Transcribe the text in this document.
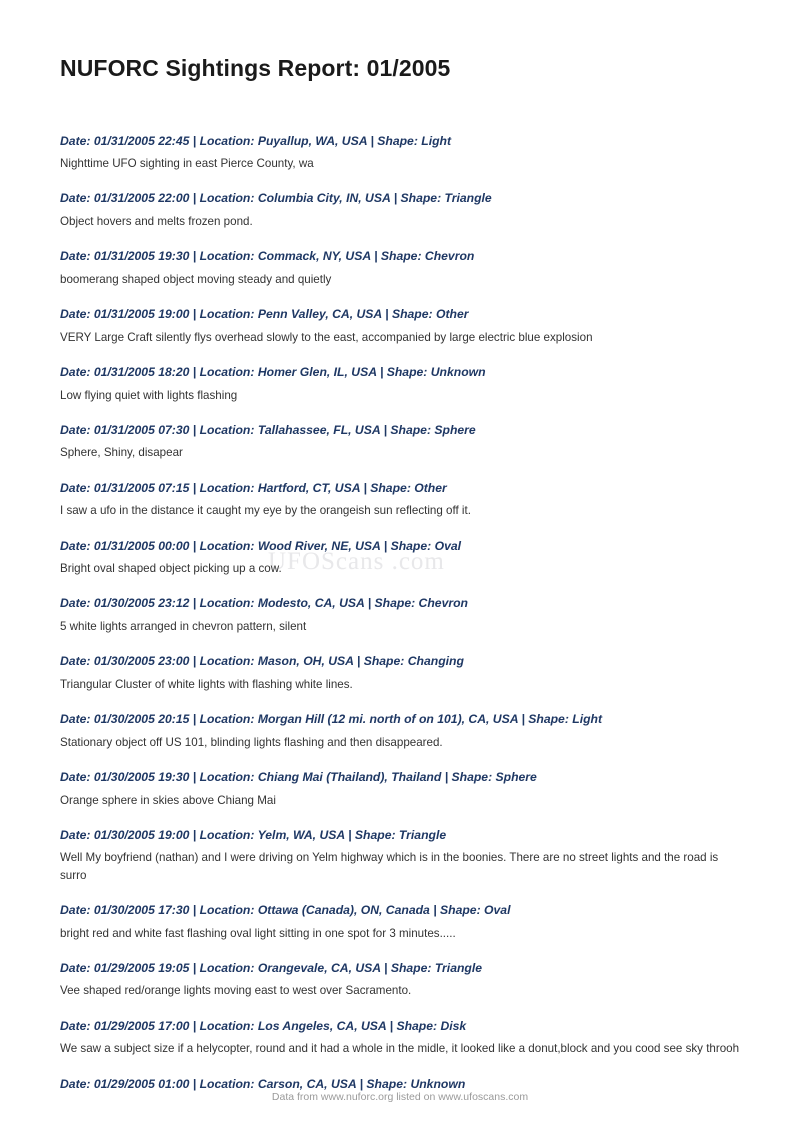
NUFORC Sightings Report: 01/2005
UFOScans .com
Date: 01/31/2005 22:45 | Location: Puyallup, WA, USA | Shape: Light
Nighttime UFO sighting in east Pierce County, wa
Date: 01/31/2005 22:00 | Location: Columbia City, IN, USA | Shape: Triangle
Object hovers and melts frozen pond.
Date: 01/31/2005 19:30 | Location: Commack, NY, USA | Shape: Chevron
boomerang shaped object moving steady and quietly
Date: 01/31/2005 19:00 | Location: Penn Valley, CA, USA | Shape: Other
VERY Large Craft silently flys overhead slowly to the east, accompanied by large electric blue explosion
Date: 01/31/2005 18:20 | Location: Homer Glen, IL, USA | Shape: Unknown
Low flying quiet with lights flashing
Date: 01/31/2005 07:30 | Location: Tallahassee, FL, USA | Shape: Sphere
Sphere, Shiny, disapear
Date: 01/31/2005 07:15 | Location: Hartford, CT, USA | Shape: Other
I saw a ufo in the distance it caught my eye by the orangeish sun reflecting off it.
Date: 01/31/2005 00:00 | Location: Wood River, NE, USA | Shape: Oval
Bright oval shaped object picking up a cow.
Date: 01/30/2005 23:12 | Location: Modesto, CA, USA | Shape: Chevron
5 white lights arranged in chevron pattern, silent
Date: 01/30/2005 23:00 | Location: Mason, OH, USA | Shape: Changing
Triangular Cluster of white lights with flashing white lines.
Date: 01/30/2005 20:15 | Location: Morgan Hill (12 mi. north of on 101), CA, USA | Shape: Light
Stationary object off US 101, blinding lights flashing and then disappeared.
Date: 01/30/2005 19:30 | Location: Chiang Mai (Thailand), Thailand | Shape: Sphere
Orange sphere in skies above Chiang Mai
Date: 01/30/2005 19:00 | Location: Yelm, WA, USA | Shape: Triangle
Well My boyfriend (nathan) and I were driving on Yelm highway which is in the boonies. There are no street lights and the road is surro
Date: 01/30/2005 17:30 | Location: Ottawa (Canada), ON, Canada | Shape: Oval
bright red and white fast flashing oval light sitting in one spot for 3 minutes.....
Date: 01/29/2005 19:05 | Location: Orangevale, CA, USA | Shape: Triangle
Vee shaped red/orange lights moving east to west over Sacramento.
Date: 01/29/2005 17:00 | Location: Los Angeles, CA, USA | Shape: Disk
We saw a subject size if a helycopter, round and it had a whole in the midle, it looked like a donut,block and you cood see sky throoh
Date: 01/29/2005 01:00 | Location: Carson, CA, USA | Shape: Unknown
Data from www.nuforc.org listed on www.ufoscans.com
